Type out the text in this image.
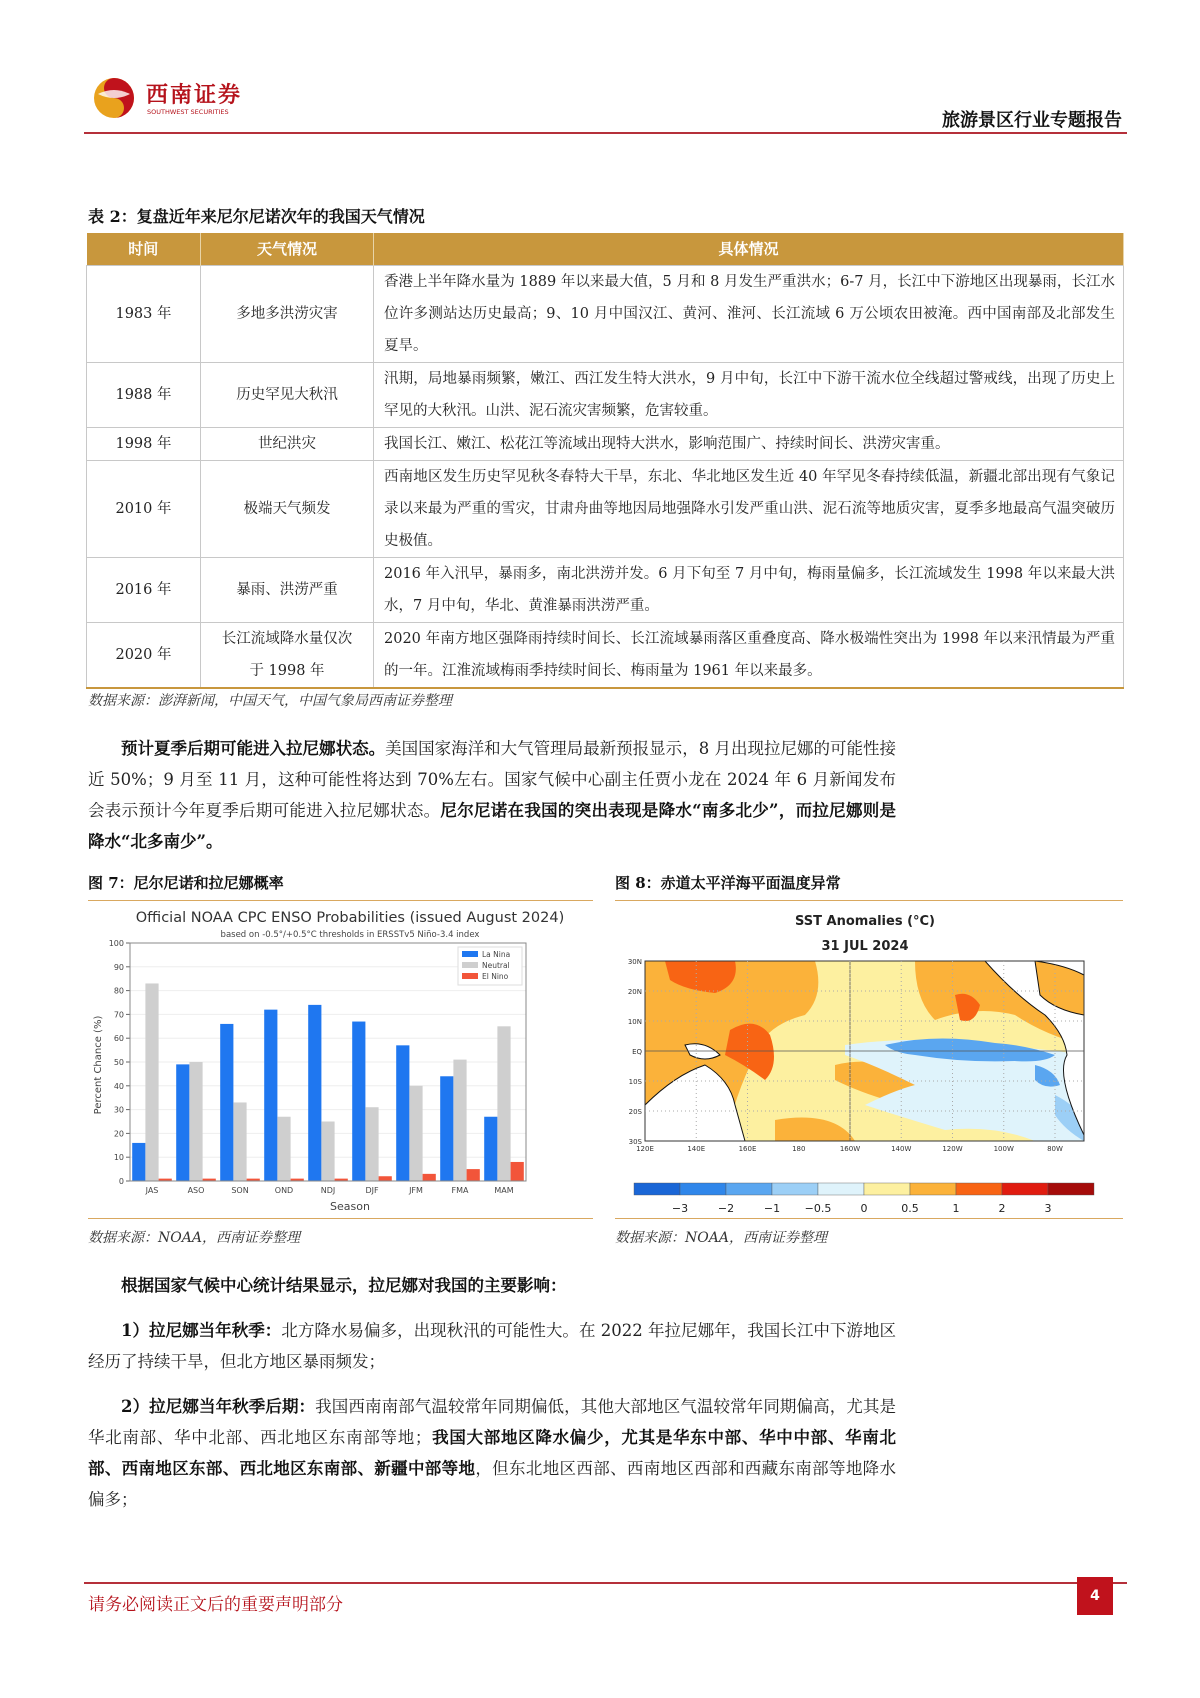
西南证券
SOUTHWEST SECURITIES	旅游景区行业专题报告
表 2：复盘近年来尼尔尼诺次年的我国天气情况
时间	天气情况	具体情况
1983 年	多地多洪涝灾害	香港上半年降水量为 1889 年以来最大值，5 月和 8 月发生严重洪水；6-7 月，长江中下游地区出现暴雨，长江水位许多测站达历史最高；9、10 月中国汉江、黄河、淮河、长江流域 6 万公顷农田被淹。西中国南部及北部发生夏旱。
1988 年	历史罕见大秋汛	汛期，局地暴雨频繁，嫩江、西江发生特大洪水，9 月中旬，长江中下游干流水位全线超过警戒线，出现了历史上罕见的大秋汛。山洪、泥石流灾害频繁，危害较重。
1998 年	世纪洪灾	我国长江、嫩江、松花江等流域出现特大洪水，影响范围广、持续时间长、洪涝灾害重。
2010 年	极端天气频发	西南地区发生历史罕见秋冬春特大干旱，东北、华北地区发生近 40 年罕见冬春持续低温，新疆北部出现有气象记录以来最为严重的雪灾，甘肃舟曲等地因局地强降水引发严重山洪、泥石流等地质灾害，夏季多地最高气温突破历史极值。
2016 年	暴雨、洪涝严重	2016 年入汛早，暴雨多，南北洪涝并发。6 月下旬至 7 月中旬，梅雨量偏多，长江流域发生 1998 年以来最大洪水，7 月中旬，华北、黄淮暴雨洪涝严重。
2020 年	长江流域降水量仅次于 1998 年	2020 年南方地区强降雨持续时间长、长江流域暴雨落区重叠度高、降水极端性突出为 1998 年以来汛情最为严重的一年。江淮流域梅雨季持续时间长、梅雨量为 1961 年以来最多。
数据来源：澎湃新闻，中国天气，中国气象局西南证券整理
预计夏季后期可能进入拉尼娜状态。美国国家海洋和大气管理局最新预报显示，8 月出现拉尼娜的可能性接近 50%；9 月至 11 月，这种可能性将达到 70%左右。国家气候中心副主任贾小龙在 2024 年 6 月新闻发布会表示预计今年夏季后期可能进入拉尼娜状态。尼尔尼诺在我国的突出表现是降水“南多北少”，而拉尼娜则是降水“北多南少”。
图 7：尼尔尼诺和拉尼娜概率	图 8：赤道太平洋海平面温度异常
Official NOAA CPC ENSO Probabilities (issued August 2024)
based on -0.5°/+0.5°C thresholds in ERSSTv5 Niño-3.4 index
Percent Chance (%)
Season
0
10
20
30
40
50
60
70
80
90
100
JAS	ASO	SON	OND	NDJ	DJF	JFM	FMA	MAM
La Nina
Neutral
El Nino
数据来源：NOAA，西南证券整理
SST Anomalies (°C)
31 JUL 2024
30N
20N
10N
EQ
10S
20S
30S
120E	140E	160E	180	160W	140W	120W	100W	80W
−3	−2	−1 −0.5	0	0.5	1	2	3
数据来源：NOAA，西南证券整理
根据国家气候中心统计结果显示，拉尼娜对我国的主要影响：
1）拉尼娜当年秋季：北方降水易偏多，出现秋汛的可能性大。在 2022 年拉尼娜年，我国长江中下游地区经历了持续干旱，但北方地区暴雨频发；
2）拉尼娜当年秋季后期：我国西南南部气温较常年同期偏低，其他大部地区气温较常年同期偏高，尤其是华北南部、华中北部、西北地区东南部等地；我国大部地区降水偏少，尤其是华东中部、华中中部、华南北部、西南地区东部、西北地区东南部、新疆中部等地，但东北地区西部、西南地区西部和西藏东南部等地降水偏多；
请务必阅读正文后的重要声明部分	4
